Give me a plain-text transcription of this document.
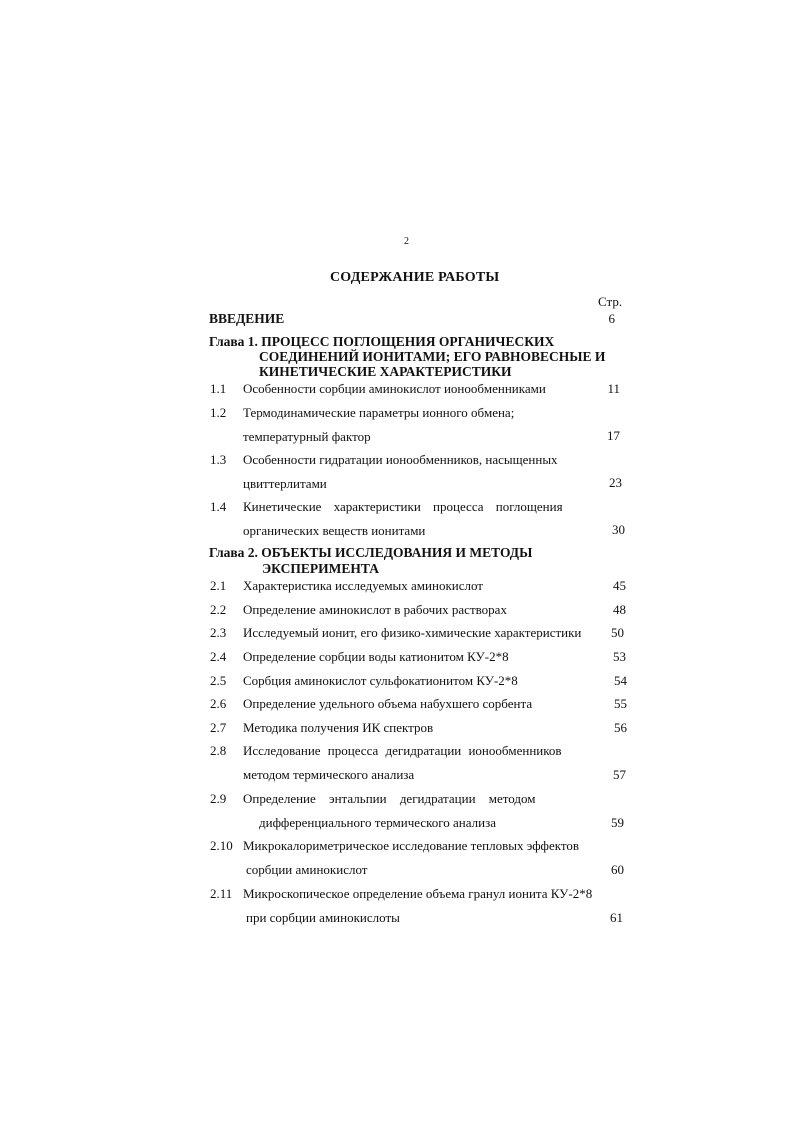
2
СОДЕРЖАНИЕ РАБОТЫ
Стр.
ВВЕДЕНИЕ	6
Глава 1. ПРОЦЕСС ПОГЛОЩЕНИЯ ОРГАНИЧЕСКИХ
СОЕДИНЕНИЙ ИОНИТАМИ; ЕГО РАВНОВЕСНЫЕ И
КИНЕТИЧЕСКИЕ ХАРАКТЕРИСТИКИ
1.1 Особенности сорбции аминокислот ионообменниками	11
1.2 Термодинамические параметры ионного обмена;
температурный фактор	17
1.3 Особенности гидратации ионообменников, насыщенных
цвиттерлитами	23
1.4 Кинетические характеристики процесса поглощения
органических веществ ионитами	30
Глава 2. ОБЪЕКТЫ ИССЛЕДОВАНИЯ И МЕТОДЫ
ЭКСПЕРИМЕНТА
2.1 Характеристика исследуемых аминокислот	45
2.2 Определение аминокислот в рабочих растворах	48
2.3 Исследуемый ионит, его физико-химические характеристики	50
2.4 Определение сорбции воды катионитом КУ-2*8	53
2.5 Сорбция аминокислот сульфокатионитом КУ-2*8	54
2.6 Определение удельного объема набухшего сорбента	55
2.7 Методика получения ИК спектров	56
2.8 Исследование процесса дегидратации ионообменников
методом термического анализа	57
2.9 Определение энтальпии дегидратации методом
дифференциального термического анализа	59
2.10 Микрокалориметрическое исследование тепловых эффектов
сорбции аминокислот	60
2.11 Микроскопическое определение объема гранул ионита КУ-2*8
при сорбции аминокислоты	61
